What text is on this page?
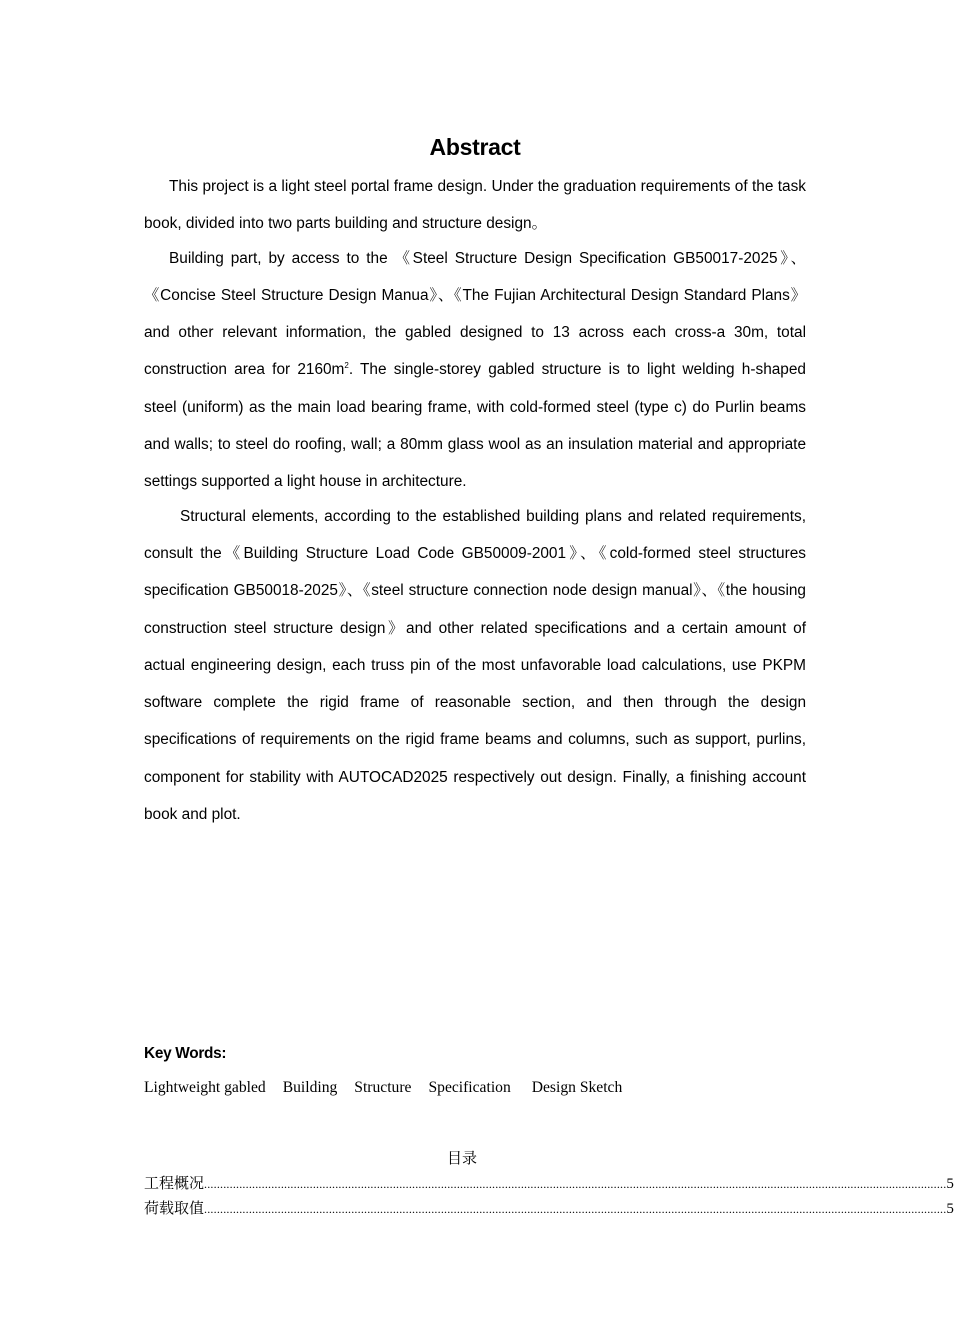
Abstract

This project is a light steel portal frame design. Under the graduation requirements of the task book, divided into two parts building and structure design。

Building part, by access to the 《Steel Structure Design Specification GB50017-2025》、《Concise Steel Structure Design Manua》、《The Fujian Architectural Design Standard Plans》and other relevant information, the gabled designed to 13 across each cross-a 30m, total construction area for $2160m^2$. The single-storey gabled structure is to light welding h-shaped steel (uniform) as the main load bearing frame, with cold-formed steel (type c) do Purlin beams and walls; to steel do roofing, wall; a 80mm glass wool as an insulation material and appropriate settings supported a light house in architecture.

Structural elements, according to the established building plans and related requirements, consult the《Building Structure Load Code GB50009-2001》、《cold-formed steel structures specification GB50018-2025》、《steel structure connection node design manual》、《the housing construction steel structure design》and other related specifications and a certain amount of actual engineering design, each truss pin of the most unfavorable load calculations, use PKPM software complete the rigid frame of reasonable section, and then through the design specifications of requirements on the rigid frame beams and columns, such as support, purlins, component for stability with AUTOCAD2025 respectively out design. Finally, a finishing account book and plot.

Key Words:
Lightweight gabled Building Structure Specification Design Sketch
目录
工程概况 ........................................................................................................................................................................................................................................ 5
荷载取值 ........................................................................................................................................................................................................................................ 5
